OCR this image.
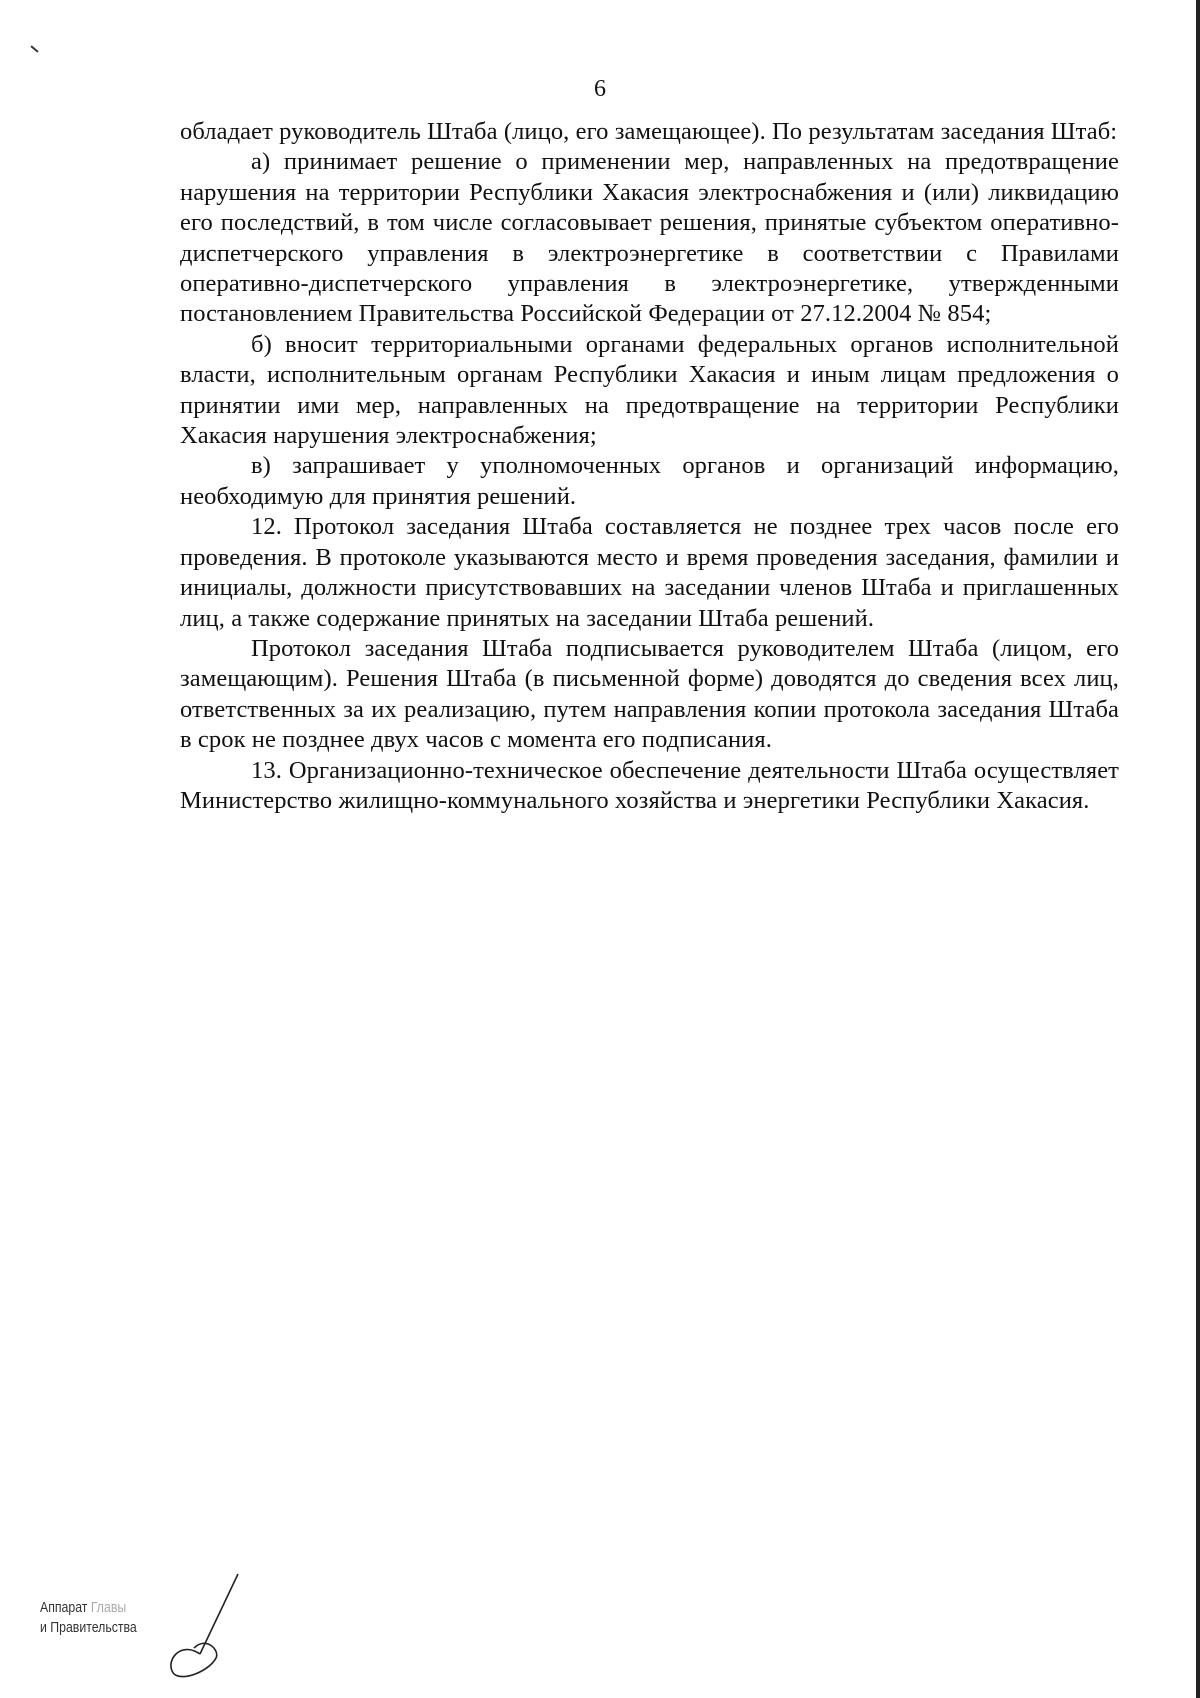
6

обладает руководитель Штаба (лицо, его замещающее). По результатам заседания Штаб:

а) принимает решение о применении мер, направленных на предотвращение нарушения на территории Республики Хакасия электроснабжения и (или) ликвидацию его последствий, в том числе согласовывает решения, принятые субъектом оперативно-диспетчерского управления в электроэнергетике в соответствии с Правилами оперативно-диспетчерского управления в электроэнергетике, утвержденными постановлением Правительства Российской Федерации от 27.12.2004 № 854;

б) вносит территориальными органами федеральных органов исполнительной власти, исполнительным органам Республики Хакасия и иным лицам предложения о принятии ими мер, направленных на предотвращение на территории Республики Хакасия нарушения электроснабжения;

в) запрашивает у уполномоченных органов и организаций информацию, необходимую для принятия решений.

12. Протокол заседания Штаба составляется не позднее трех часов после его проведения. В протоколе указываются место и время проведения заседания, фамилии и инициалы, должности присутствовавших на заседании членов Штаба и приглашенных лиц, а также содержание принятых на заседании Штаба решений.

Протокол заседания Штаба подписывается руководителем Штаба (лицом, его замещающим). Решения Штаба (в письменной форме) доводятся до сведения всех лиц, ответственных за их реализацию, путем направления копии протокола заседания Штаба в срок не позднее двух часов с момента его подписания.

13. Организационно-техническое обеспечение деятельности Штаба осуществляет Министерство жилищно-коммунального хозяйства и энергетики Республики Хакасия.

Аппарат Главы
и Правительства
